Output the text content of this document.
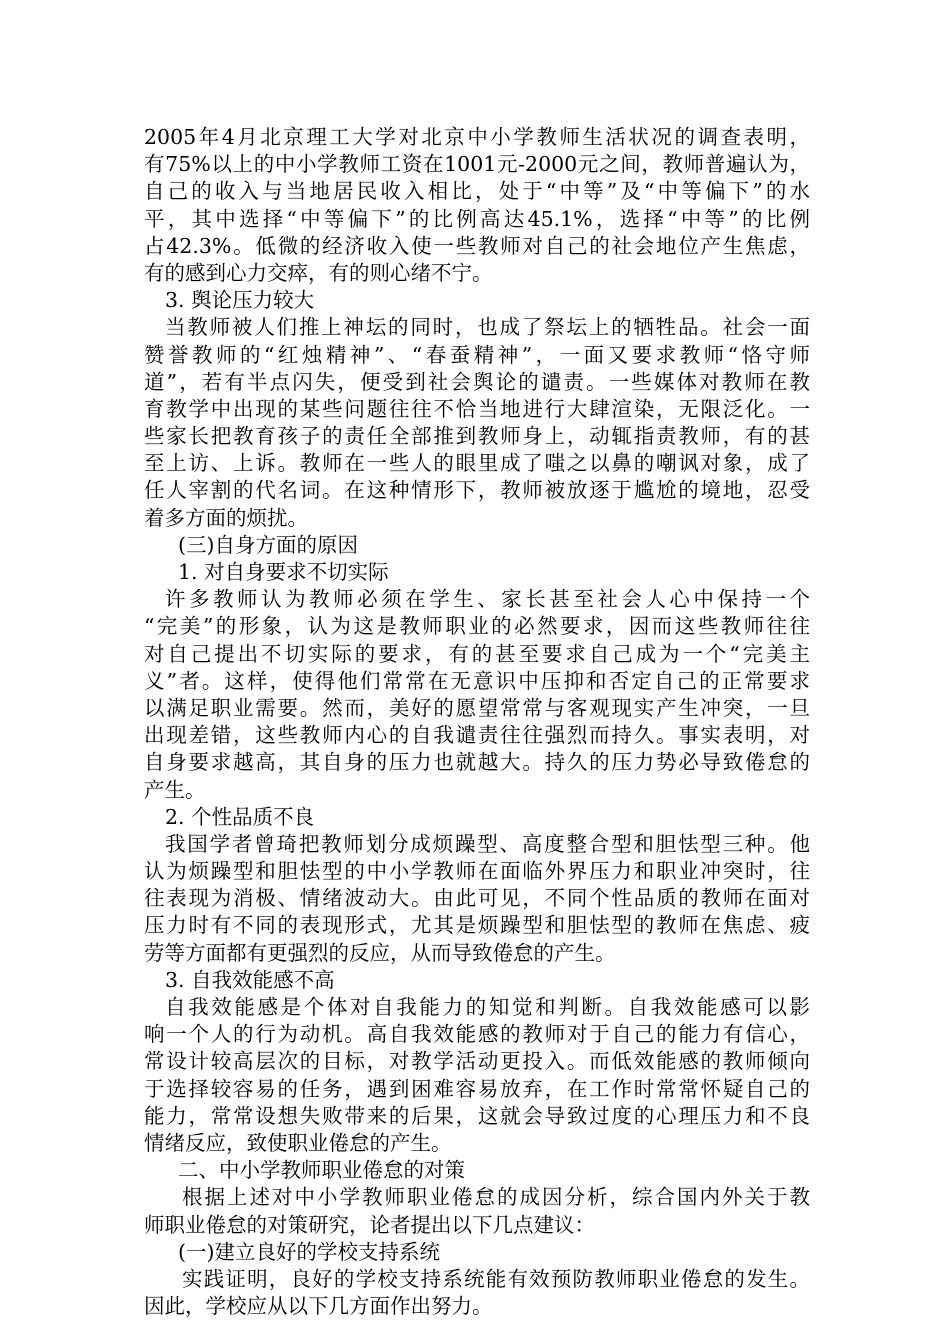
2005年4月北京理工大学对北京中小学教师生活状况的调查表明，
有75%以上的中小学教师工资在1001元-2000元之间，教师普遍认为，
自己的收入与当地居民收入相比，处于“中等”及“中等偏下”的水
平，其中选择“中等偏下”的比例高达45.1%，选择“中等”的比例
占42.3%。低微的经济收入使一些教师对自己的社会地位产生焦虑，
有的感到心力交瘁，有的则心绪不宁。
3. 舆论压力较大
当教师被人们推上神坛的同时，也成了祭坛上的牺牲品。社会一面
赞誉教师的“红烛精神”、“春蚕精神”，一面又要求教师“恪守师
道”，若有半点闪失，便受到社会舆论的谴责。一些媒体对教师在教
育教学中出现的某些问题往往不恰当地进行大肆渲染，无限泛化。一
些家长把教育孩子的责任全部推到教师身上，动辄指责教师，有的甚
至上访、上诉。教师在一些人的眼里成了嗤之以鼻的嘲讽对象，成了
任人宰割的代名词。在这种情形下，教师被放逐于尴尬的境地，忍受
着多方面的烦扰。
(三)自身方面的原因
1. 对自身要求不切实际
许多教师认为教师必须在学生、家长甚至社会人心中保持一个
“完美”的形象，认为这是教师职业的必然要求，因而这些教师往往
对自己提出不切实际的要求，有的甚至要求自己成为一个“完美主
义”者。这样，使得他们常常在无意识中压抑和否定自己的正常要求
以满足职业需要。然而，美好的愿望常常与客观现实产生冲突，一旦
出现差错，这些教师内心的自我谴责往往强烈而持久。事实表明，对
自身要求越高，其自身的压力也就越大。持久的压力势必导致倦怠的
产生。
2. 个性品质不良
我国学者曾琦把教师划分成烦躁型、高度整合型和胆怯型三种。他
认为烦躁型和胆怯型的中小学教师在面临外界压力和职业冲突时，往
往表现为消极、情绪波动大。由此可见，不同个性品质的教师在面对
压力时有不同的表现形式，尤其是烦躁型和胆怯型的教师在焦虑、疲
劳等方面都有更强烈的反应，从而导致倦怠的产生。
3. 自我效能感不高
自我效能感是个体对自我能力的知觉和判断。自我效能感可以影
响一个人的行为动机。高自我效能感的教师对于自己的能力有信心，
常设计较高层次的目标，对教学活动更投入。而低效能感的教师倾向
于选择较容易的任务，遇到困难容易放弃，在工作时常常怀疑自己的
能力，常常设想失败带来的后果，这就会导致过度的心理压力和不良
情绪反应，致使职业倦怠的产生。
二、中小学教师职业倦怠的对策
根据上述对中小学教师职业倦怠的成因分析，综合国内外关于教
师职业倦怠的对策研究，论者提出以下几点建议：
(一)建立良好的学校支持系统
实践证明，良好的学校支持系统能有效预防教师职业倦怠的发生。
因此，学校应从以下几方面作出努力。
